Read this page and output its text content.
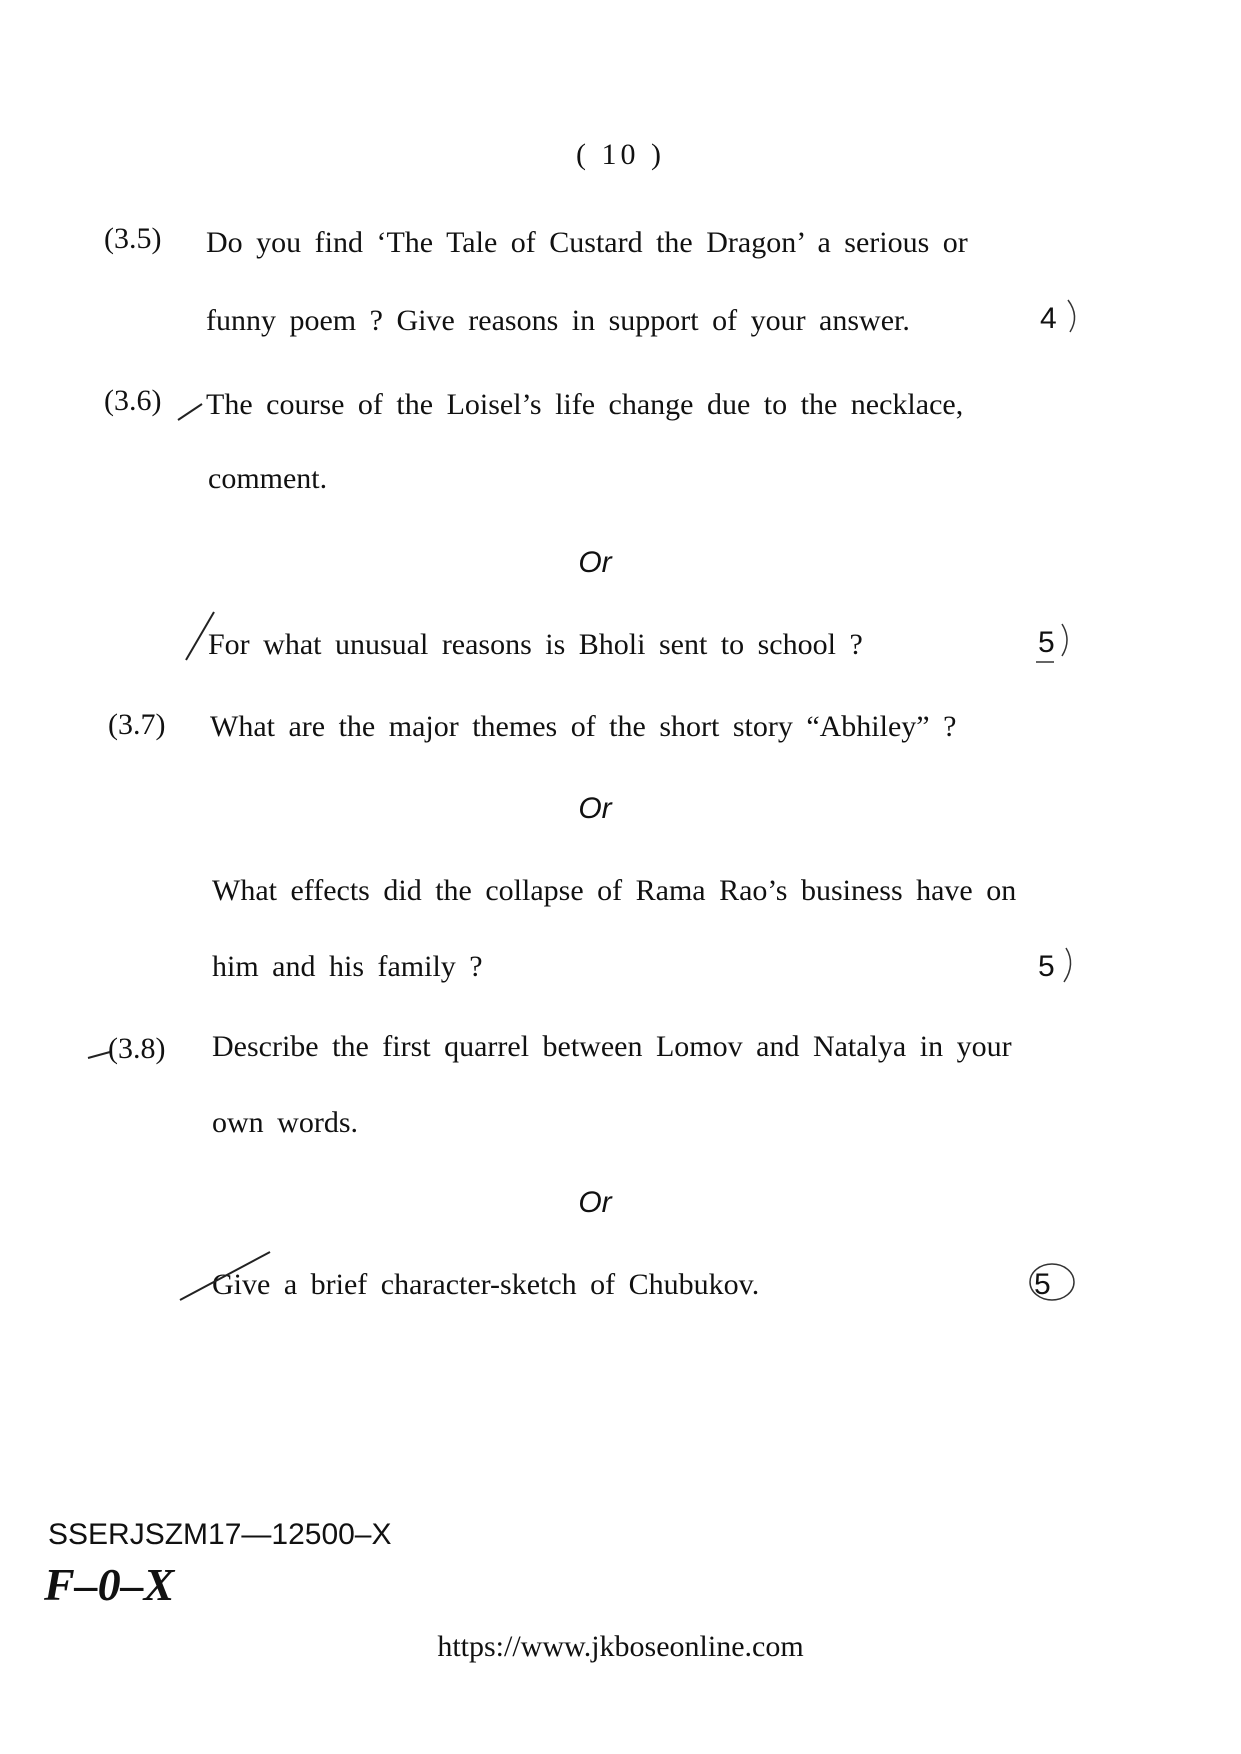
( 10 )
(3.5) Do you find ‘The Tale of Custard the Dragon’ a serious or
funny poem ? Give reasons in support of your answer.	4
(3.6) The course of the Loisel’s life change due to the necklace,
comment.
Or
For what unusual reasons is Bholi sent to school ?	5
(3.7) What are the major themes of the short story “Abhiley” ?
Or
What effects did the collapse of Rama Rao’s business have on
him and his family ?	5
(3.8) Describe the first quarrel between Lomov and Natalya in your
own words.
Or
Give a brief character-sketch of Chubukov.	5
SSERJSZM17—12500–X
F–0–X
https://www.jkboseonline.com
